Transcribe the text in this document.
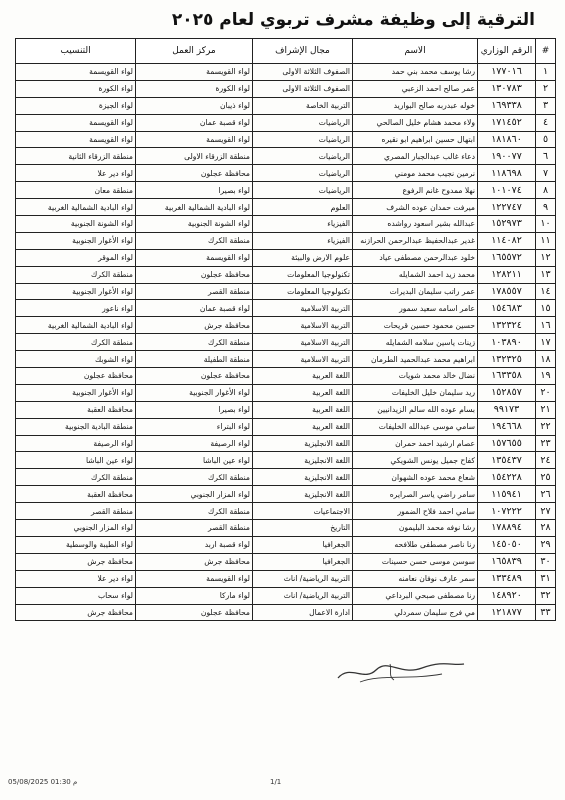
الترقية إلى وظيفة مشرف تربوي لعام ٢٠٢٥
#	الرقم الوزاري	الاسم	مجال الإشراف	مركز العمل	التنسيب
١	١٧٧٠١٦	رشا يوسف محمد بني حمد	الصفوف الثلاثة الاولى	لواء القويسمة	لواء القويسمة
٢	١٣٠٧٨٣	عمر صالح احمد الزعبي	الصفوف الثلاثة الاولى	لواء الكورة	لواء الكورة
٣	١٦٩٣٣٨	خوله عبدربه صالح البواريد	التربية الخاصة	لواء ذيبان	لواء الجيزة
٤	١٧١٤٥٢	ولاء محمد هشام خليل الصالحي	الرياضيات	لواء قصبة عمان	لواء القويسمة
٥	١٨١٨٦٠	ابتهال حسين ابراهيم ابو نقيره	الرياضيات	لواء القويسمة	لواء القويسمة
٦	١٩٠٠٧٧	دعاء غالب عبدالجبار المصري	الرياضيات	منطقة الزرقاء الاولى	منطقة الزرقاء الثانية
٧	١١٨٦٩٨	نرمين نجيب محمد مومني	الرياضيات	محافظة عجلون	لواء دير علا
٨	١٠١٠٧٤	نهلا ممدوح غانم الرفوع	الرياضيات	لواء بصيرا	منطقة معان
٩	١٢٢٧٤٧	ميرفت حمدان عوده الشرف	العلوم	لواء البادية الشمالية الغربية	لواء البادية الشمالية الغربية
١٠	١٥٢٩٧٣	عبدالله بشير اسعود رواشده	الفيزياء	لواء الشونة الجنوبية	لواء الشونة الجنوبية
١١	١١٤٠٨٢	غدير عبدالحفيظ عبدالرحمن الحرازنه	الفيزياء	منطقة الكرك	لواء الأغوار الجنوبية
١٢	١٦٥٥٧٢	خلود عبدالرحمن مصطفى عياد	علوم الارض والبيئة	لواء القويسمة	لواء الموقر
١٣	١٢٨٢١١	محمد زيد احمد الشمايله	تكنولوجيا المعلومات	محافظة عجلون	منطقة الكرك
١٤	١٧٨٥٥٧	عمر راتب سليمان البديرات	تكنولوجيا المعلومات	منطقة القصر	لواء الأغوار الجنوبية
١٥	١٥٤٦٨٣	عامر اسامه سعيد سمور	التربية الاسلامية	لواء قصبة عمان	لواء ناعور
١٦	١٣٢٣٢٤	حسين محمود حسين قريحات	التربية الاسلامية	محافظة جرش	لواء البادية الشمالية الغربية
١٧	١٠٣٨٩٠	زينات ياسين سلامه الشمايله	التربية الاسلامية	منطقة الكرك	منطقة الكرك
١٨	١٣٢٣٢٥	ابراهيم محمد عبدالحميد الطرمان	التربية الاسلامية	منطقة الطفيلة	لواء الشوبك
١٩	١٦٣٣٥٨	نضال خالد محمد شويات	اللغة العربية	محافظة عجلون	محافظة عجلون
٢٠	١٥٢٨٥٧	ريد سليمان خليل الخليفات	اللغة العربية	لواء الأغوار الجنوبية	لواء الأغوار الجنوبية
٢١	٩٩١٧٣	بسام عوده الله سالم الزيدانيين	اللغة العربية	لواء بصيرا	محافظة العقبة
٢٢	١٩٤٦٦٨	سامي موسى عبدالله الخليفات	اللغة العربية	لواء البتراء	منطقة البادية الجنوبية
٢٣	١٥٧٦٥٥	عصام ارشيد احمد حمران	اللغة الانجليزية	لواء الرصيفة	لواء الرصيفة
٢٤	١٣٥٤٣٧	كفاح جميل يونس الشويكي	اللغة الانجليزية	لواء عين الباشا	لواء عين الباشا
٢٥	١٥٤٢٢٨	شعاع محمد عوده الشهوان	اللغة الانجليزية	منطقة الكرك	منطقة الكرك
٢٦	١١٥٩٤١	سامر راضي ياسر الصرايره	اللغة الانجليزية	لواء المزار الجنوبي	محافظة العقبة
٢٧	١٠٧٢٢٢	سامي احمد فلاح الضمور	الاجتماعيات	منطقة الكرك	منطقة القصر
٢٨	١٧٨٨٩٤	رشا نوفه محمد البليمون	التاريخ	منطقة القصر	لواء المزار الجنوبي
٢٩	١٤٥٠٥٠	رنا ناصر مصطفى طلافحه	الجغرافيا	لواء قصبة اربد	لواء الطيبة والوسطية
٣٠	١٦٥٨٣٩	سوسن موسى حسن حسينات	الجغرافيا	محافظة جرش	محافظة جرش
٣١	١٣٣٤٨٩	سمر عارف نوفان نعامنه	التربية الرياضية/ اناث	لواء القويسمة	لواء دير علا
٣٢	١٤٨٩٢٠	رنا مصطفى صبحي البرداعي	التربية الرياضية/ اناث	لواء ماركا	لواء سحاب
٣٣	١٢١٨٧٧	مي فرج سليمان سمردلي	ادارة الاعمال	محافظة عجلون	محافظة جرش
05/08/2025 م 01:30	1/1
